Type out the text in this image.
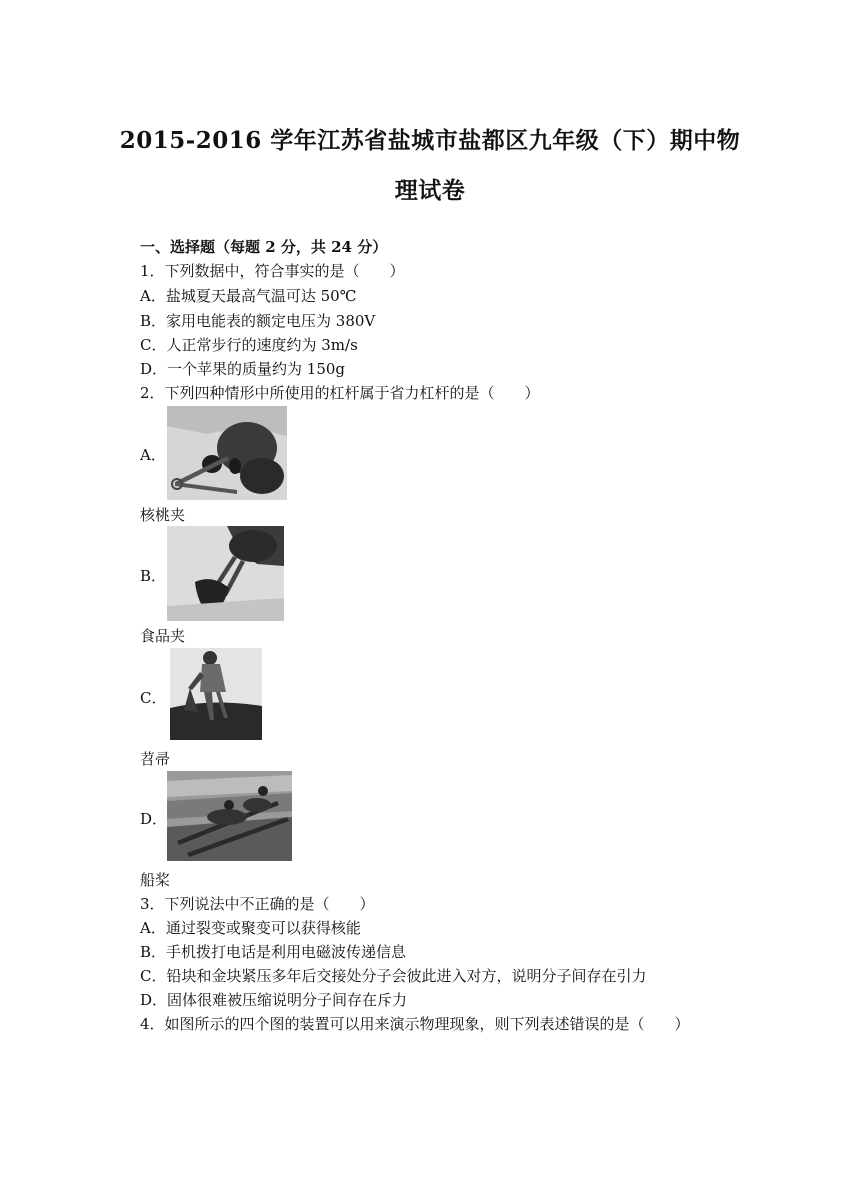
2015-2016 学年江苏省盐城市盐都区九年级（下）期中物
理试卷
一、选择题（每题 2 分，共 24 分）
1．下列数据中，符合事实的是（　　）
A．盐城夏天最高气温可达 50℃
B．家用电能表的额定电压为 380V
C．人正常步行的速度约为 3m/s
D．一个苹果的质量约为 150g
2．下列四种情形中所使用的杠杆属于省力杠杆的是（　　）
A．
核桃夹
B．
食品夹
C．
苕帚
D．
船桨
3．下列说法中不正确的是（　　）
A．通过裂变或聚变可以获得核能
B．手机拨打电话是利用电磁波传递信息
C．铅块和金块紧压多年后交接处分子会彼此进入对方，说明分子间存在引力
D．固体很难被压缩说明分子间存在斥力
4．如图所示的四个图的装置可以用来演示物理现象，则下列表述错误的是（　　）
